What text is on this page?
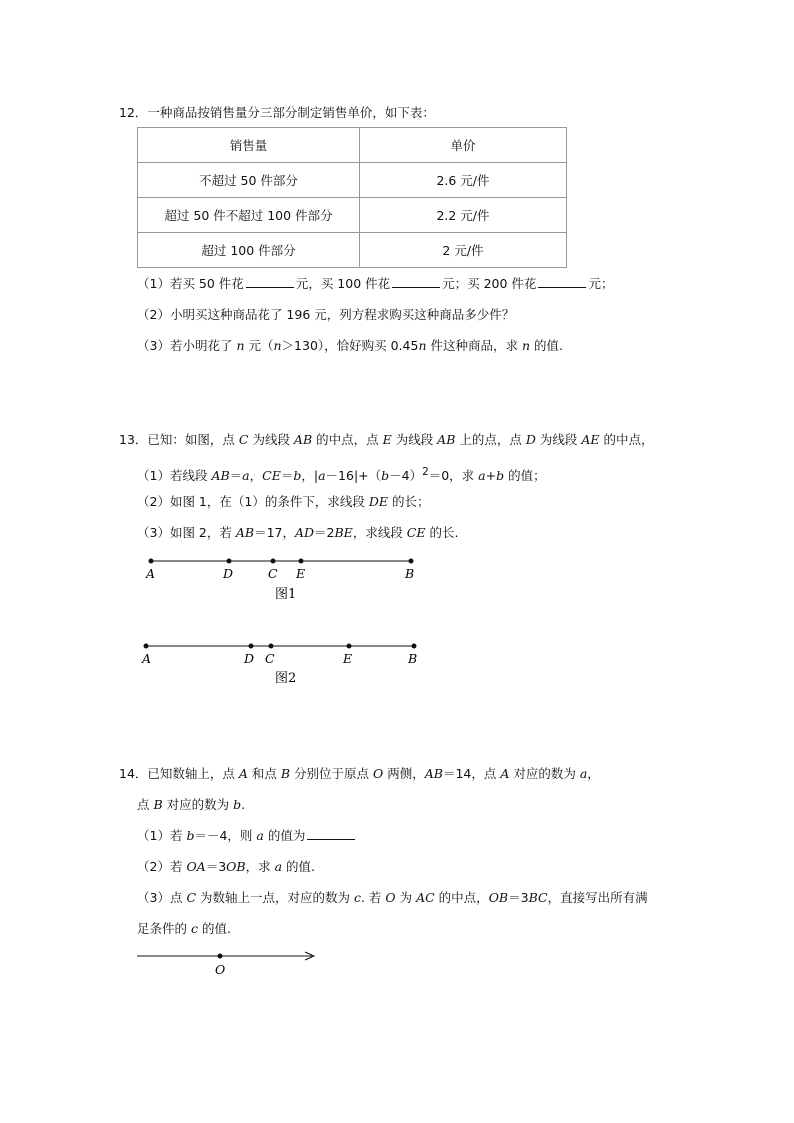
12．一种商品按销售量分三部分制定销售单价，如下表：
销售量	单价
不超过 50 件部分	2.6 元/件
超过 50 件不超过 100 件部分	2.2 元/件
超过 100 件部分	2 元/件
（1）若买 50 件花	元，买 100 件花	元；买 200 件花	元；
（2）小明买这种商品花了 196 元，列方程求购买这种商品多少件？
（3）若小明花了 n 元（n＞130），恰好购买 0.45n 件这种商品，求 n 的值.
13．已知：如图，点 C 为线段 AB 的中点，点 E 为线段 AB 上的点，点 D 为线段 AE 的中点，
（1）若线段 AB＝a，CE＝b，$|a-16|+(b-4)^2=0$，求 a+b 的值；
（2）如图 1，在（1）的条件下，求线段 DE 的长；
（3）如图 2，若 AB＝17，AD＝2BE，求线段 CE 的长.
A	D	C E	B
图1
A	D C	E	B
图2
O
14．已知数轴上，点 A 和点 B 分别位于原点 O 两侧，AB＝14，点 A 对应的数为 a，
点 B 对应的数为 b.
（1）若 b＝－4，则 a 的值为
（2）若 OA＝3OB，求 a 的值.
（3）点 C 为数轴上一点，对应的数为 c. 若 O 为 AC 的中点，OB＝3BC，直接写出所有满
足条件的 c 的值.
